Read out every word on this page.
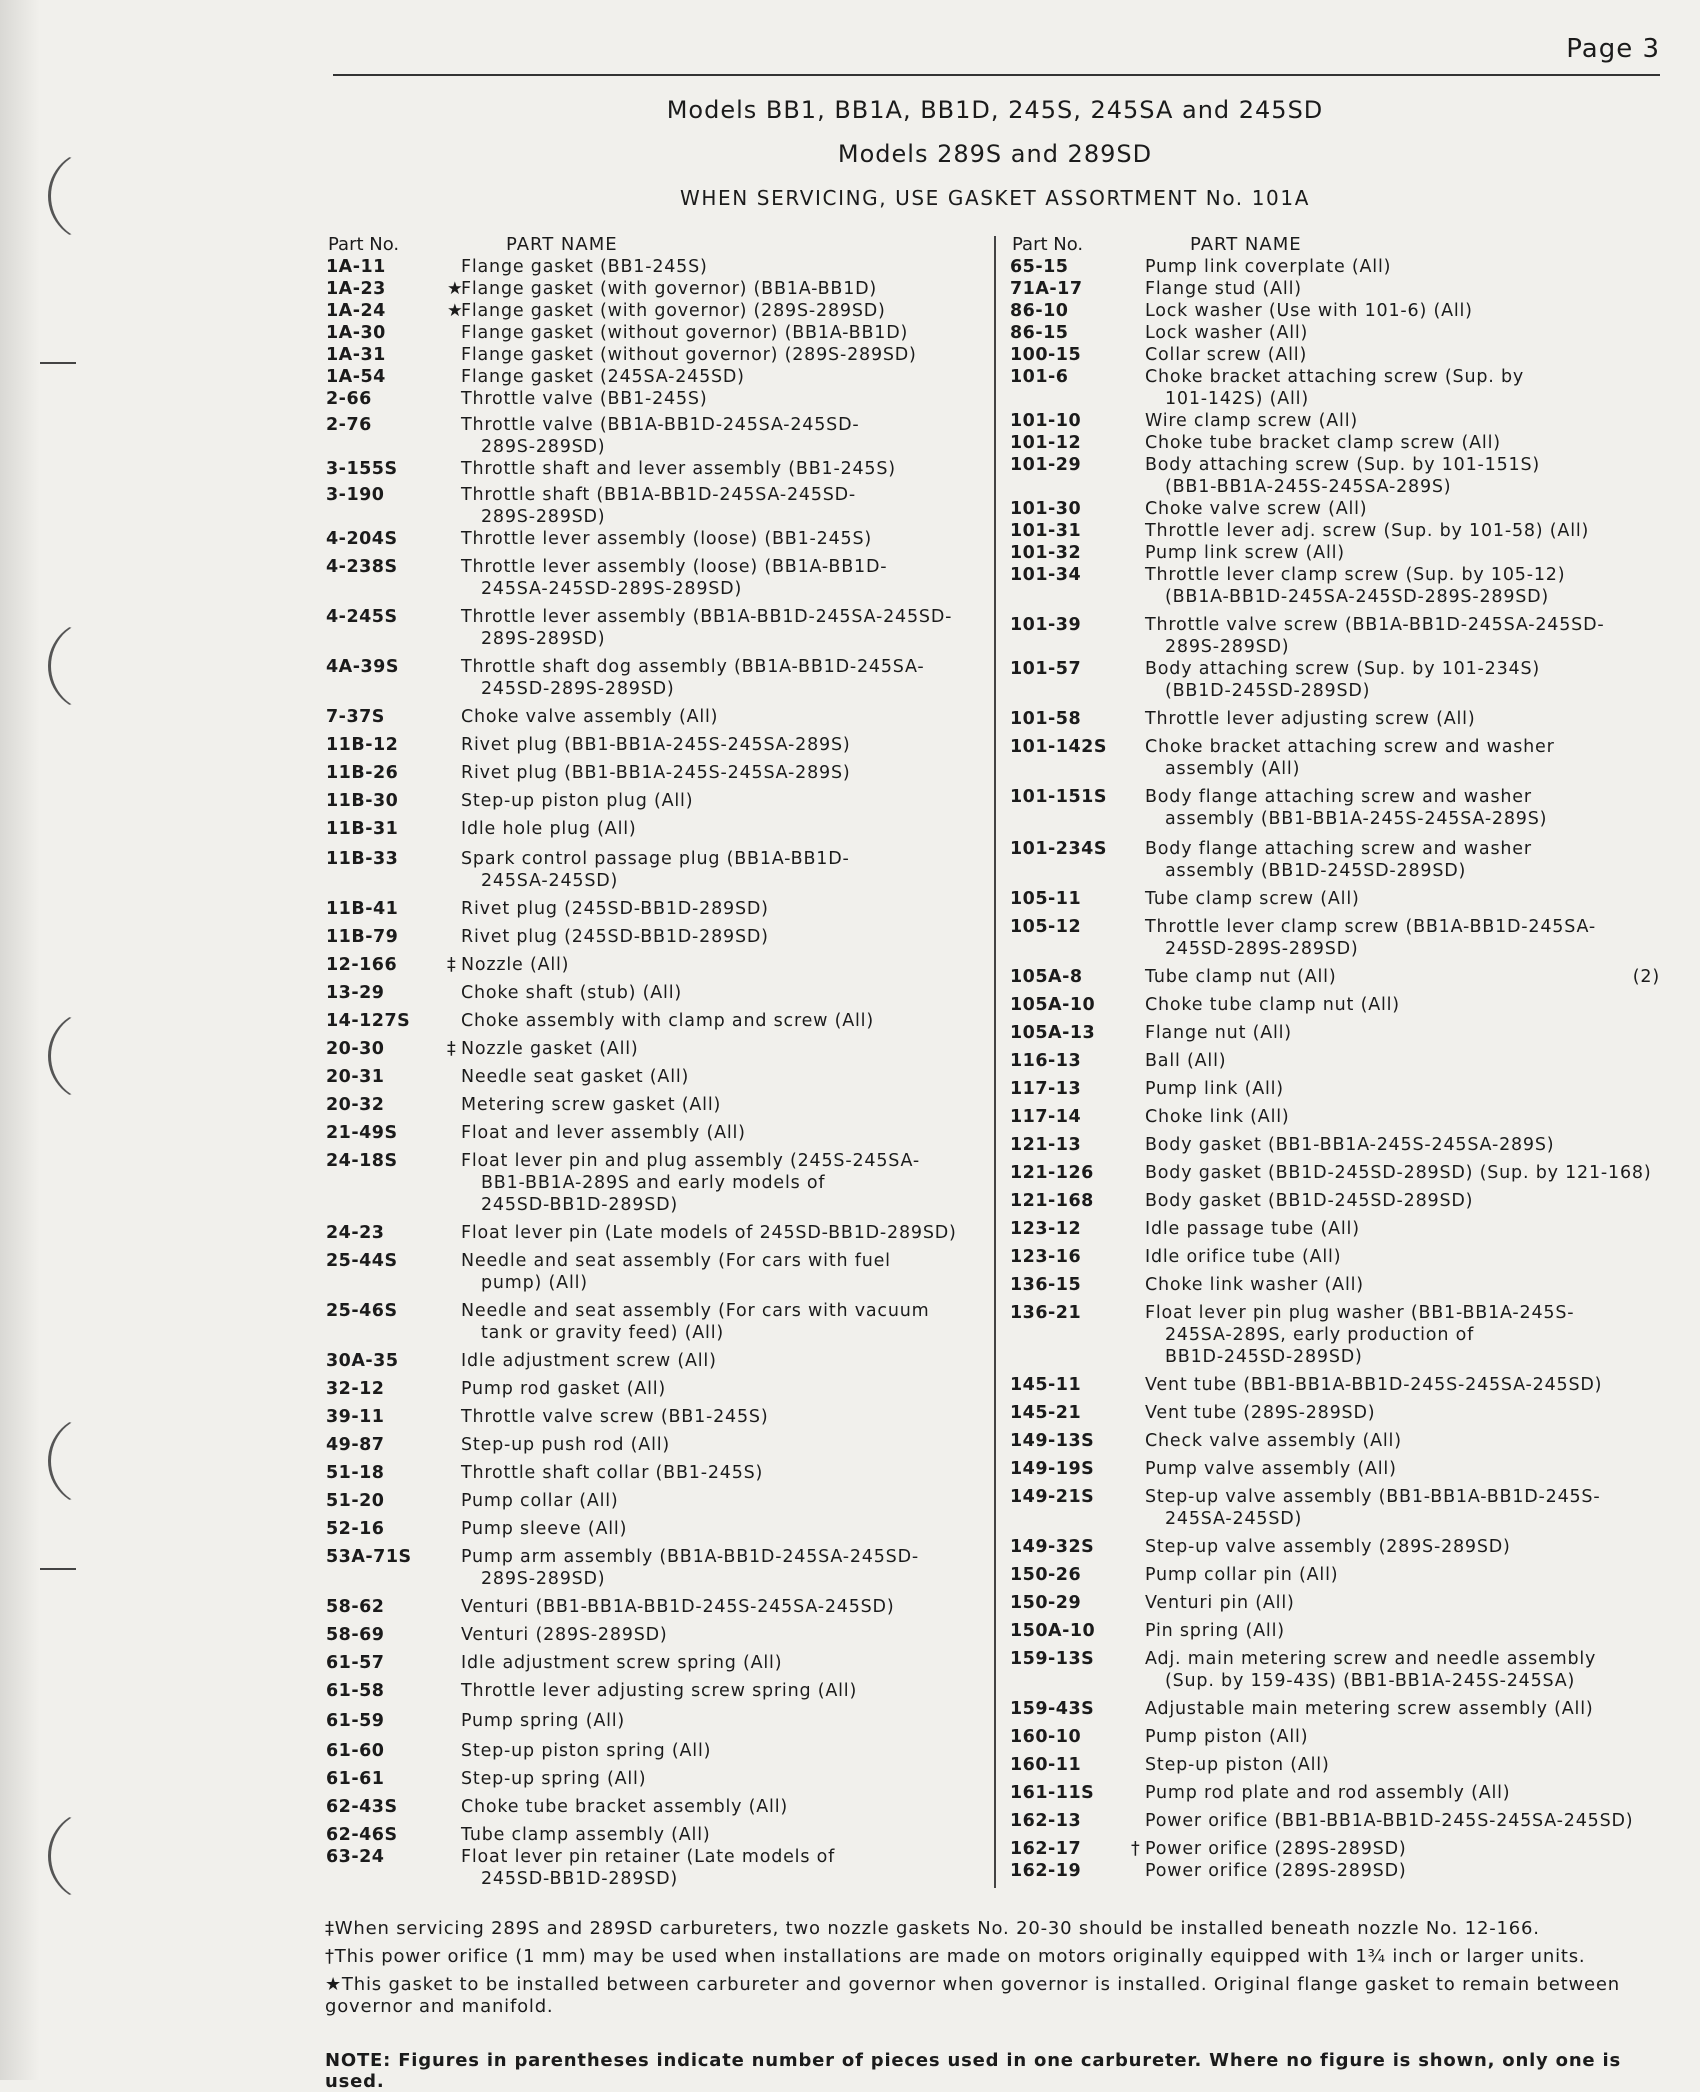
Page 3
Models BB1, BB1A, BB1D, 245S, 245SA and 245SD
Models 289S and 289SD
WHEN SERVICING, USE GASKET ASSORTMENT No. 101A
Part No.	PART NAME
1A-11	Flange gasket (BB1-245S)
1A-23	★Flange gasket (with governor) (BB1A-BB1D)
1A-24	★Flange gasket (with governor) (289S-289SD)
1A-30	Flange gasket (without governor) (BB1A-BB1D)
1A-31	Flange gasket (without governor) (289S-289SD)
1A-54	Flange gasket (245SA-245SD)
2-66	Throttle valve (BB1-245S)
2-76	Throttle valve (BB1A-BB1D-245SA-245SD-
289S-289SD)
3-155S	Throttle shaft and lever assembly (BB1-245S)
3-190	Throttle shaft (BB1A-BB1D-245SA-245SD-
289S-289SD)
4-204S	Throttle lever assembly (loose) (BB1-245S)
4-238S	Throttle lever assembly (loose) (BB1A-BB1D-
245SA-245SD-289S-289SD)
4-245S	Throttle lever assembly (BB1A-BB1D-245SA-245SD-
289S-289SD)
4A-39S	Throttle shaft dog assembly (BB1A-BB1D-245SA-
245SD-289S-289SD)
7-37S	Choke valve assembly (All)
11B-12	Rivet plug (BB1-BB1A-245S-245SA-289S)
11B-26	Rivet plug (BB1-BB1A-245S-245SA-289S)
11B-30	Step-up piston plug (All)
11B-31	Idle hole plug (All)
11B-33	Spark control passage plug (BB1A-BB1D-
245SA-245SD)
11B-41	Rivet plug (245SD-BB1D-289SD)
11B-79	Rivet plug (245SD-BB1D-289SD)
12-166	‡ Nozzle (All)
13-29	Choke shaft (stub) (All)
14-127S	Choke assembly with clamp and screw (All)
20-30	‡ Nozzle gasket (All)
20-31	Needle seat gasket (All)
20-32	Metering screw gasket (All)
21-49S	Float and lever assembly (All)
24-18S	Float lever pin and plug assembly (245S-245SA-
BB1-BB1A-289S and early models of
245SD-BB1D-289SD)
24-23	Float lever pin (Late models of 245SD-BB1D-289SD)
25-44S	Needle and seat assembly (For cars with fuel
pump) (All)
25-46S	Needle and seat assembly (For cars with vacuum
tank or gravity feed) (All)
30A-35	Idle adjustment screw (All)
32-12	Pump rod gasket (All)
39-11	Throttle valve screw (BB1-245S)
49-87	Step-up push rod (All)
51-18	Throttle shaft collar (BB1-245S)
51-20	Pump collar (All)
52-16	Pump sleeve (All)
53A-71S	Pump arm assembly (BB1A-BB1D-245SA-245SD-
289S-289SD)
58-62	Venturi (BB1-BB1A-BB1D-245S-245SA-245SD)
58-69	Venturi (289S-289SD)
61-57	Idle adjustment screw spring (All)
61-58	Throttle lever adjusting screw spring (All)
61-59	Pump spring (All)
61-60	Step-up piston spring (All)
61-61	Step-up spring (All)
62-43S	Choke tube bracket assembly (All)
62-46S	Tube clamp assembly (All)
63-24	Float lever pin retainer (Late models of
245SD-BB1D-289SD)
Part No.	PART NAME
65-15	Pump link coverplate (All)
71A-17	Flange stud (All)
86-10	Lock washer (Use with 101-6) (All)
86-15	Lock washer (All)
100-15	Collar screw (All)
101-6	Choke bracket attaching screw (Sup. by
101-142S) (All)
101-10	Wire clamp screw (All)
101-12	Choke tube bracket clamp screw (All)
101-29	Body attaching screw (Sup. by 101-151S)
(BB1-BB1A-245S-245SA-289S)
101-30	Choke valve screw (All)
101-31	Throttle lever adj. screw (Sup. by 101-58) (All)
101-32	Pump link screw (All)
101-34	Throttle lever clamp screw (Sup. by 105-12)
(BB1A-BB1D-245SA-245SD-289S-289SD)
101-39	Throttle valve screw (BB1A-BB1D-245SA-245SD-
289S-289SD)
101-57	Body attaching screw (Sup. by 101-234S)
(BB1D-245SD-289SD)
101-58	Throttle lever adjusting screw (All)
101-142S	Choke bracket attaching screw and washer
assembly (All)
101-151S	Body flange attaching screw and washer
assembly (BB1-BB1A-245S-245SA-289S)
101-234S	Body flange attaching screw and washer
assembly (BB1D-245SD-289SD)
105-11	Tube clamp screw (All)
105-12	Throttle lever clamp screw (BB1A-BB1D-245SA-
245SD-289S-289SD)
105A-8	Tube clamp nut (All)	(2)
105A-10	Choke tube clamp nut (All)
105A-13	Flange nut (All)
116-13	Ball (All)
117-13	Pump link (All)
117-14	Choke link (All)
121-13	Body gasket (BB1-BB1A-245S-245SA-289S)
121-126	Body gasket (BB1D-245SD-289SD) (Sup. by 121-168)
121-168	Body gasket (BB1D-245SD-289SD)
123-12	Idle passage tube (All)
123-16	Idle orifice tube (All)
136-15	Choke link washer (All)
136-21	Float lever pin plug washer (BB1-BB1A-245S-
245SA-289S, early production of
BB1D-245SD-289SD)
145-11	Vent tube (BB1-BB1A-BB1D-245S-245SA-245SD)
145-21	Vent tube (289S-289SD)
149-13S	Check valve assembly (All)
149-19S	Pump valve assembly (All)
149-21S	Step-up valve assembly (BB1-BB1A-BB1D-245S-
245SA-245SD)
149-32S	Step-up valve assembly (289S-289SD)
150-26	Pump collar pin (All)
150-29	Venturi pin (All)
150A-10	Pin spring (All)
159-13S	Adj. main metering screw and needle assembly
(Sup. by 159-43S) (BB1-BB1A-245S-245SA)
159-43S	Adjustable main metering screw assembly (All)
160-10	Pump piston (All)
160-11	Step-up piston (All)
161-11S	Pump rod plate and rod assembly (All)
162-13	Power orifice (BB1-BB1A-BB1D-245S-245SA-245SD)
162-17	† Power orifice (289S-289SD)
162-19	Power orifice (289S-289SD)
‡When servicing 289S and 289SD carbureters, two nozzle gaskets No. 20-30 should be installed beneath nozzle No. 12-166.
†This power orifice (1 mm) may be used when installations are made on motors originally equipped with 1¾ inch or larger units.
★This gasket to be installed between carbureter and governor when governor is installed. Original flange gasket to remain between governor and manifold.
NOTE: Figures in parentheses indicate number of pieces used in one carbureter. Where no figure is shown, only one is used.
